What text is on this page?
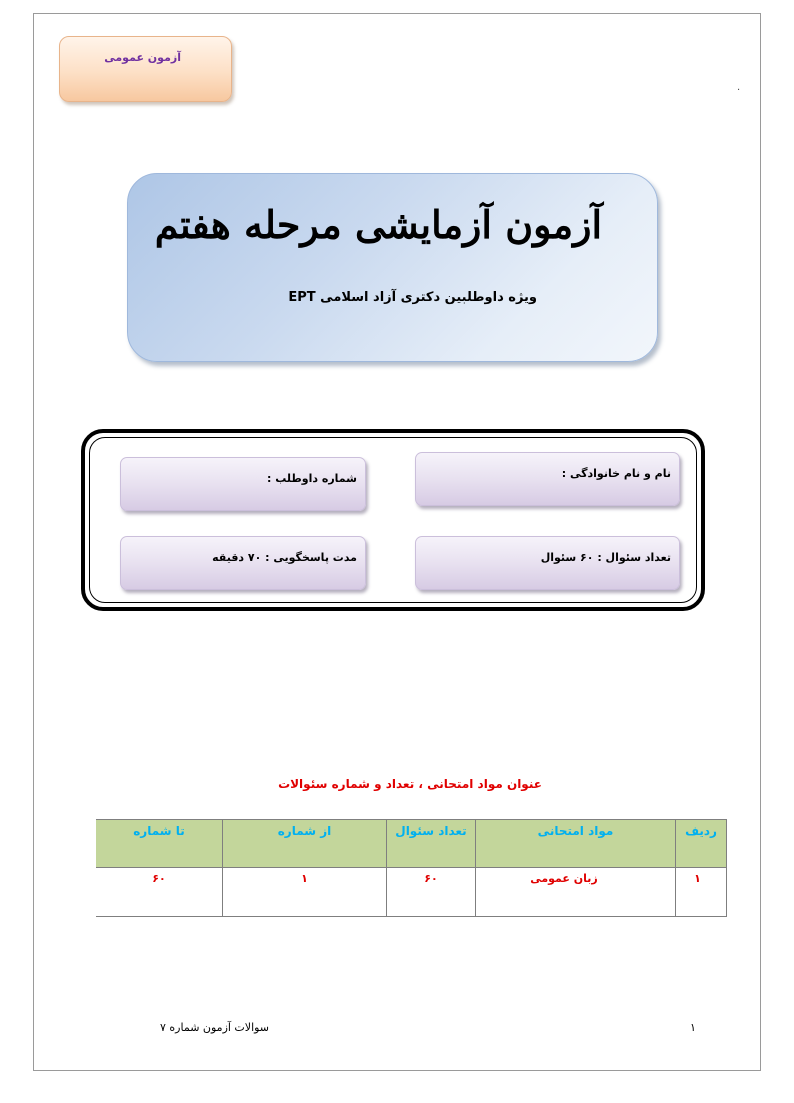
آزمون عمومی
.
آزمون آزمایشی مرحله هفتم
ویژه داوطلبین دکتری آزاد اسلامی EPT
نام و نام خانوادگی :
شماره داوطلب :
تعداد سئوال : ۶۰ سئوال
مدت پاسخگویی : ۷۰ دقیقه
عنوان مواد امتحانی ، تعداد و شماره سئوالات
ردیف	مواد امتحانی	تعداد سئوال	از شماره	تا شماره
۱	زبان عمومی	۶۰	۱	۶۰
سوالات آزمون شماره ۷	۱
